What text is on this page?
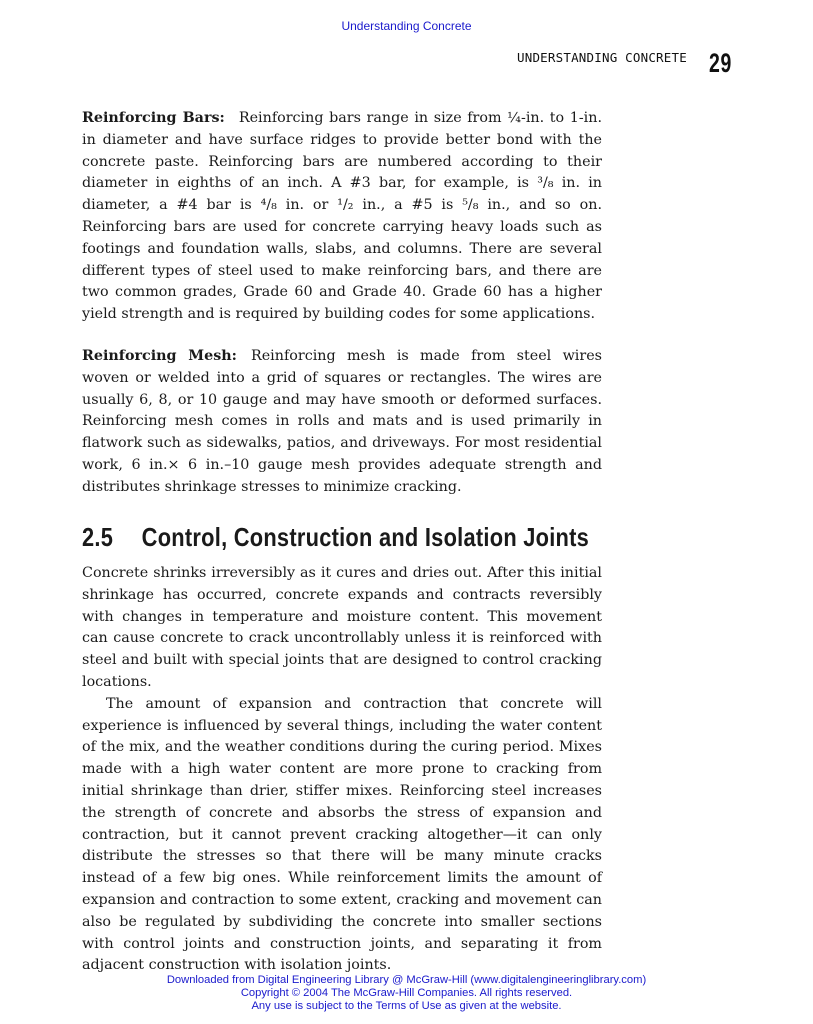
Understanding Concrete
UNDERSTANDING CONCRETE 29

Reinforcing Bars: Reinforcing bars range in size from ¼-in. to 1-in. in diameter and have surface ridges to provide better bond with the concrete paste. Reinforcing bars are numbered according to their diameter in eighths of an inch. A #3 bar, for example, is ³/₈ in. in diameter, a #4 bar is ⁴/₈ in. or ¹/₂ in., a #5 is ⁵/₈ in., and so on. Reinforcing bars are used for concrete carrying heavy loads such as footings and foundation walls, slabs, and columns. There are several different types of steel used to make reinforcing bars, and there are two common grades, Grade 60 and Grade 40. Grade 60 has a higher yield strength and is required by building codes for some applications.

Reinforcing Mesh: Reinforcing mesh is made from steel wires woven or welded into a grid of squares or rectangles. The wires are usually 6, 8, or 10 gauge and may have smooth or deformed surfaces. Reinforcing mesh comes in rolls and mats and is used primarily in flatwork such as sidewalks, patios, and driveways. For most residential work, 6 in.× 6 in.–10 gauge mesh provides adequate strength and distributes shrinkage stresses to minimize cracking.

2.5 Control, Construction and Isolation Joints

Concrete shrinks irreversibly as it cures and dries out. After this initial shrinkage has occurred, concrete expands and contracts reversibly with changes in temperature and moisture content. This movement can cause concrete to crack uncontrollably unless it is reinforced with steel and built with special joints that are designed to control cracking locations.

The amount of expansion and contraction that concrete will experience is influenced by several things, including the water content of the mix, and the weather conditions during the curing period. Mixes made with a high water content are more prone to cracking from initial shrinkage than drier, stiffer mixes. Reinforcing steel increases the strength of concrete and absorbs the stress of expansion and contraction, but it cannot prevent cracking altogether—it can only distribute the stresses so that there will be many minute cracks instead of a few big ones. While reinforcement limits the amount of expansion and contraction to some extent, cracking and movement can also be regulated by subdividing the concrete into smaller sections with control joints and construction joints, and separating it from adjacent construction with isolation joints.

Downloaded from Digital Engineering Library @ McGraw-Hill (www.digitalengineeringlibrary.com)
Copyright © 2004 The McGraw-Hill Companies. All rights reserved.
Any use is subject to the Terms of Use as given at the website.
